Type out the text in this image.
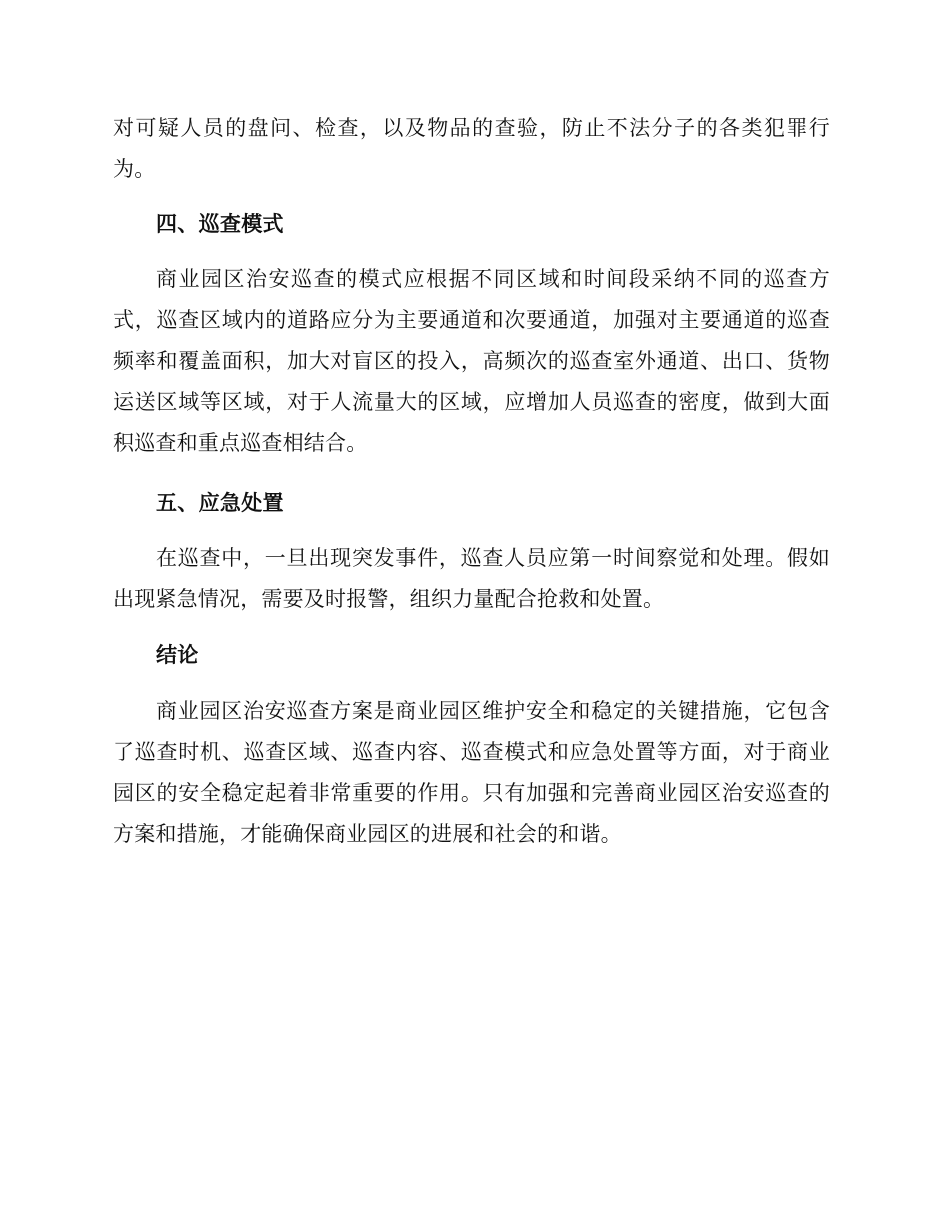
对可疑人员的盘问、检查，以及物品的查验，防止不法分子的各类犯罪行为。

四、巡查模式

商业园区治安巡查的模式应根据不同区域和时间段采纳不同的巡查方式，巡查区域内的道路应分为主要通道和次要通道，加强对主要通道的巡查频率和覆盖面积，加大对盲区的投入，高频次的巡查室外通道、出口、货物运送区域等区域，对于人流量大的区域，应增加人员巡查的密度，做到大面积巡查和重点巡查相结合。

五、应急处置

在巡查中，一旦出现突发事件，巡查人员应第一时间察觉和处理。假如出现紧急情况，需要及时报警，组织力量配合抢救和处置。

结论

商业园区治安巡查方案是商业园区维护安全和稳定的关键措施，它包含了巡查时机、巡查区域、巡查内容、巡查模式和应急处置等方面，对于商业园区的安全稳定起着非常重要的作用。只有加强和完善商业园区治安巡查的方案和措施，才能确保商业园区的进展和社会的和谐。
